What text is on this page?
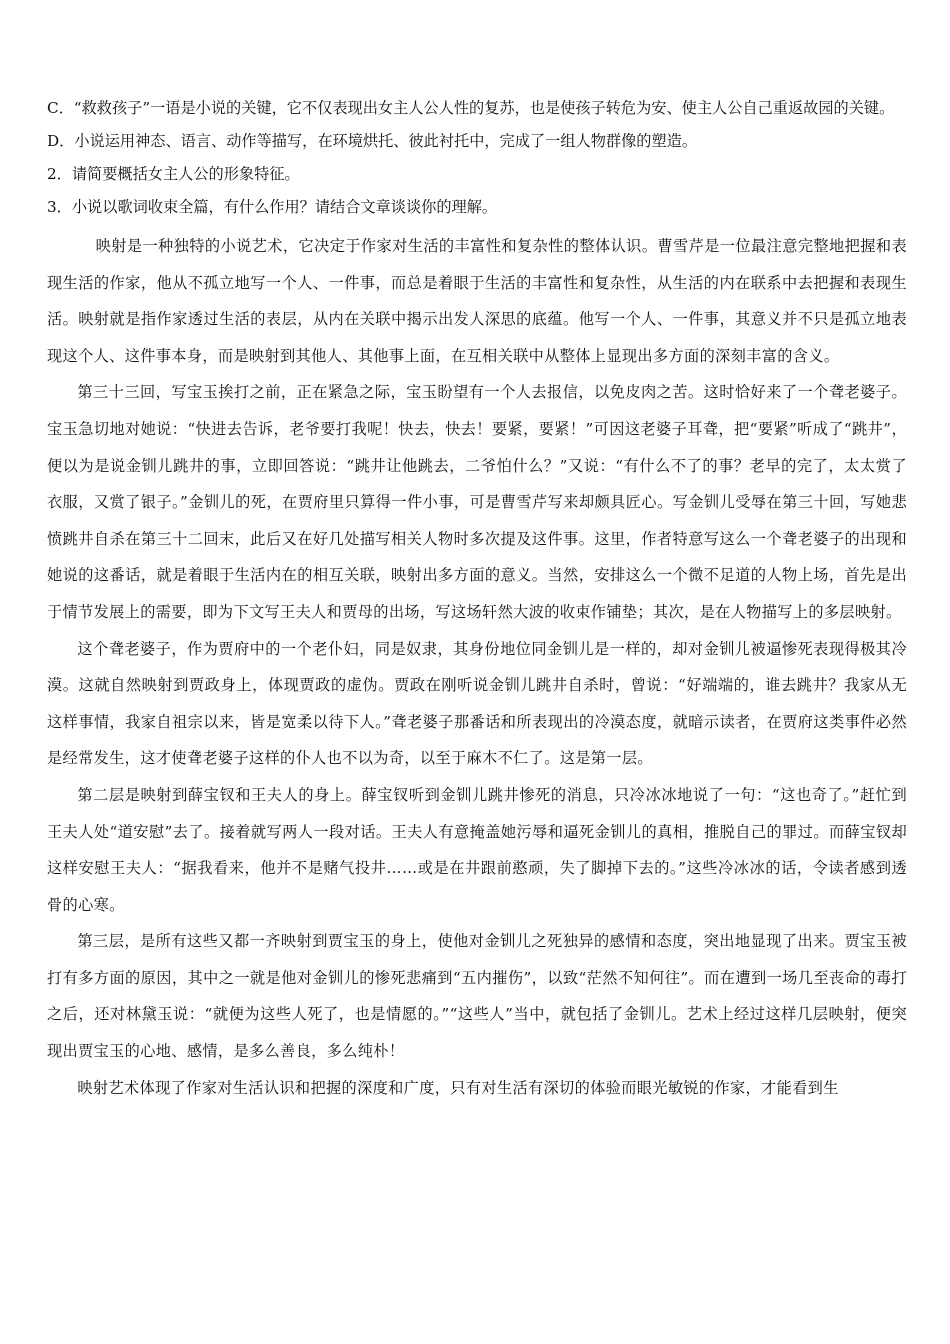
C．“救救孩子”一语是小说的关键，它不仅表现出女主人公人性的复苏，也是使孩子转危为安、使主人公自己重返故园的关键。

D．小说运用神态、语言、动作等描写，在环境烘托、彼此衬托中，完成了一组人物群像的塑造。

2．请简要概括女主人公的形象特征。

3．小说以歌词收束全篇，有什么作用？请结合文章谈谈你的理解。

映射是一种独特的小说艺术，它决定于作家对生活的丰富性和复杂性的整体认识。曹雪芹是一位最注意完整地把握和表现生活的作家，他从不孤立地写一个人、一件事，而总是着眼于生活的丰富性和复杂性，从生活的内在联系中去把握和表现生活。映射就是指作家透过生活的表层，从内在关联中揭示出发人深思的底蕴。他写一个人、一件事，其意义并不只是孤立地表现这个人、这件事本身，而是映射到其他人、其他事上面，在互相关联中从整体上显现出多方面的深刻丰富的含义。

第三十三回，写宝玉挨打之前，正在紧急之际，宝玉盼望有一个人去报信，以免皮肉之苦。这时恰好来了一个聋老婆子。宝玉急切地对她说：“快进去告诉，老爷要打我呢！快去，快去！要紧，要紧！”可因这老婆子耳聋，把“要紧”听成了“跳井”，便以为是说金钏儿跳井的事，立即回答说：“跳井让他跳去，二爷怕什么？”又说：“有什么不了的事？老早的完了，太太赏了衣服，又赏了银子。”金钏儿的死，在贾府里只算得一件小事，可是曹雪芹写来却颇具匠心。写金钏儿受辱在第三十回，写她悲愤跳井自杀在第三十二回末，此后又在好几处描写相关人物时多次提及这件事。这里，作者特意写这么一个聋老婆子的出现和她说的这番话，就是着眼于生活内在的相互关联，映射出多方面的意义。当然，安排这么一个微不足道的人物上场，首先是出于情节发展上的需要，即为下文写王夫人和贾母的出场，写这场轩然大波的收束作铺垫；其次，是在人物描写上的多层映射。

这个聋老婆子，作为贾府中的一个老仆妇，同是奴隶，其身份地位同金钏儿是一样的，却对金钏儿被逼惨死表现得极其冷漠。这就自然映射到贾政身上，体现贾政的虚伪。贾政在刚听说金钏儿跳井自杀时，曾说：“好端端的，谁去跳井？我家从无这样事情，我家自祖宗以来，皆是宽柔以待下人。”聋老婆子那番话和所表现出的冷漠态度，就暗示读者，在贾府这类事件必然是经常发生，这才使聋老婆子这样的仆人也不以为奇，以至于麻木不仁了。这是第一层。

第二层是映射到薛宝钗和王夫人的身上。薛宝钗听到金钏儿跳井惨死的消息，只冷冰冰地说了一句：“这也奇了。”赶忙到王夫人处“道安慰”去了。接着就写两人一段对话。王夫人有意掩盖她污辱和逼死金钏儿的真相，推脱自己的罪过。而薛宝钗却这样安慰王夫人：“据我看来，他并不是赌气投井……或是在井跟前憨顽，失了脚掉下去的。”这些冷冰冰的话，令读者感到透骨的心寒。

第三层，是所有这些又都一齐映射到贾宝玉的身上，使他对金钏儿之死独异的感情和态度，突出地显现了出来。贾宝玉被打有多方面的原因，其中之一就是他对金钏儿的惨死悲痛到“五内摧伤”，以致“茫然不知何往”。而在遭到一场几至丧命的毒打之后，还对林黛玉说：“就便为这些人死了，也是情愿的。”“这些人”当中，就包括了金钏儿。艺术上经过这样几层映射，便突现出贾宝玉的心地、感情，是多么善良，多么纯朴！

映射艺术体现了作家对生活认识和把握的深度和广度，只有对生活有深切的体验而眼光敏锐的作家，才能看到生
